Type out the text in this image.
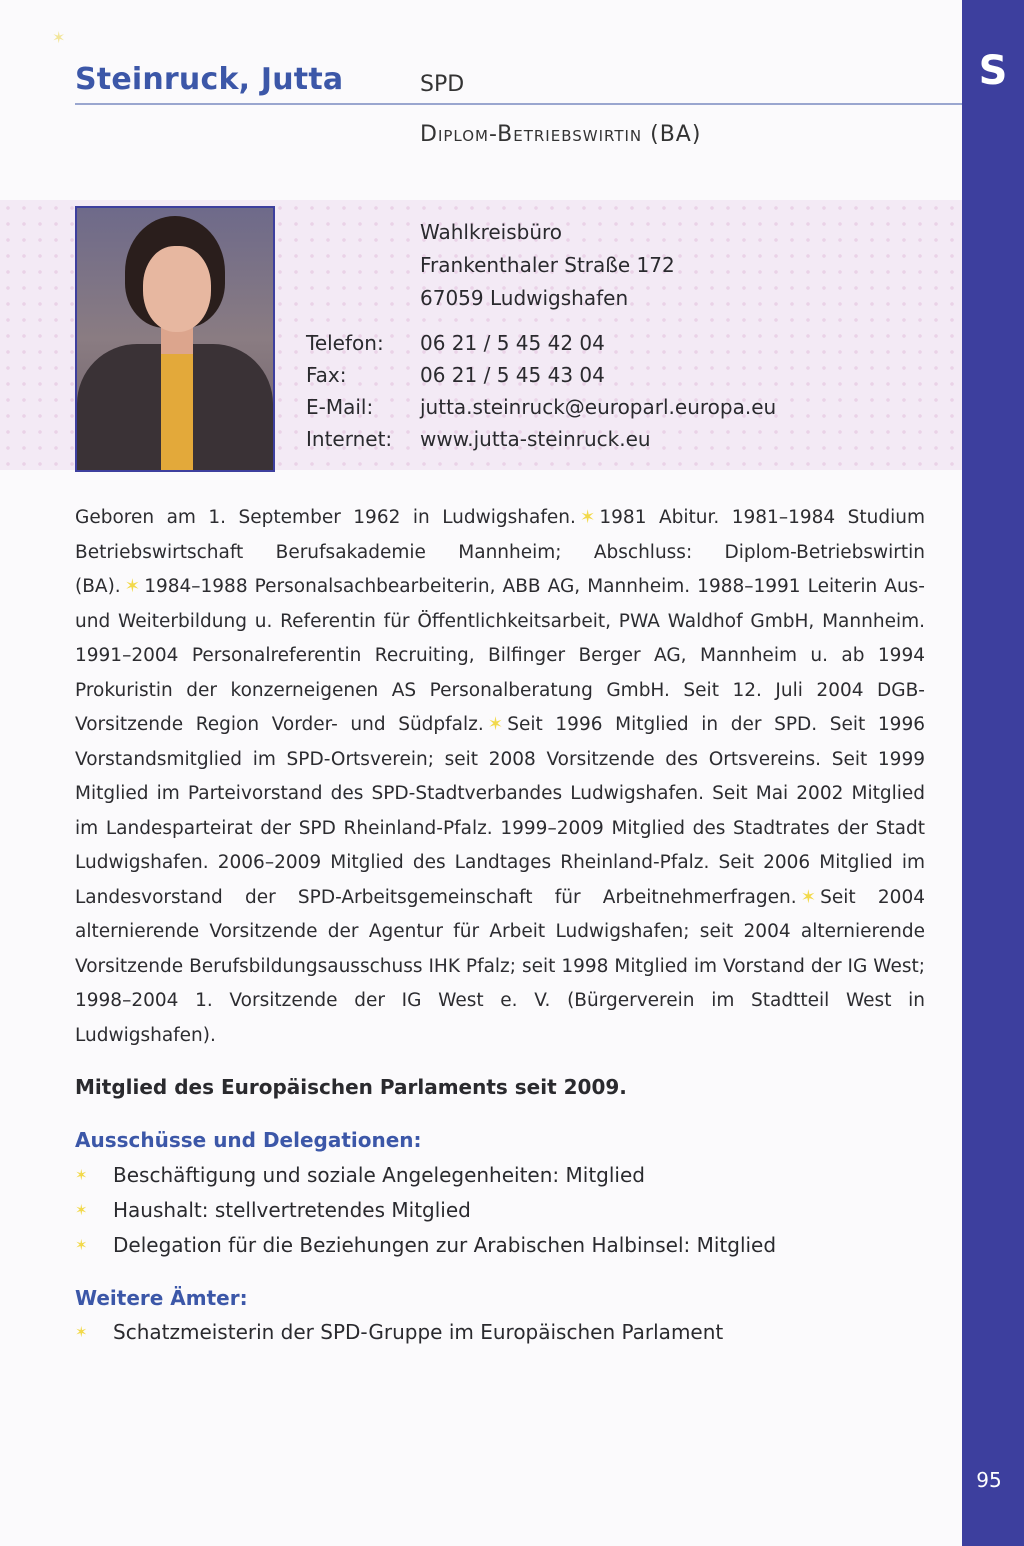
S
95
✶
Steinruck, Jutta	SPD
Diplom-Betriebswirtin (BA)
Wahlkreisbüro
Frankenthaler Straße 172
67059 Ludwigshafen
Telefon:	06 21 / 5 45 42 04
Fax:	06 21 / 5 45 43 04
E-Mail:	jutta.steinruck@europarl.europa.eu
Internet:	www.jutta-steinruck.eu
Geboren am 1. September 1962 in Ludwigshafen. ✶ 1981 Abitur. 1981–1984 Studium Betriebswirtschaft Berufsakademie Mannheim; Abschluss: Diplom-Betriebswirtin (BA). ✶ 1984–1988 Personalsachbearbeiterin, ABB AG, Mannheim. 1988–1991 Leiterin Aus- und Weiterbildung u. Referentin für Öffentlichkeitsarbeit, PWA Waldhof GmbH, Mannheim. 1991–2004 Personalreferentin Recruiting, Bilfinger Berger AG, Mannheim u. ab 1994 Prokuristin der konzerneigenen AS Personalberatung GmbH. Seit 12. Juli 2004 DGB-Vorsitzende Region Vorder- und Südpfalz. ✶ Seit 1996 Mitglied in der SPD. Seit 1996 Vorstandsmitglied im SPD-Ortsverein; seit 2008 Vorsitzende des Ortsvereins. Seit 1999 Mitglied im Parteivorstand des SPD-Stadtverbandes Ludwigshafen. Seit Mai 2002 Mitglied im Landesparteirat der SPD Rheinland-Pfalz. 1999–2009 Mitglied des Stadtrates der Stadt Ludwigshafen. 2006–2009 Mitglied des Landtages Rheinland-Pfalz. Seit 2006 Mitglied im Landesvorstand der SPD-Arbeitsgemeinschaft für Arbeitnehmerfragen. ✶ Seit 2004 alternierende Vorsitzende der Agentur für Arbeit Ludwigshafen; seit 2004 alternierende Vorsitzende Berufsbildungsausschuss IHK Pfalz; seit 1998 Mitglied im Vorstand der IG West; 1998–2004 1. Vorsitzende der IG West e. V. (Bürgerverein im Stadtteil West in Ludwigshafen).
Mitglied des Europäischen Parlaments seit 2009.
Ausschüsse und Delegationen:
✶	Beschäftigung und soziale Angelegenheiten: Mitglied
✶	Haushalt: stellvertretendes Mitglied
✶	Delegation für die Beziehungen zur Arabischen Halbinsel: Mitglied
Weitere Ämter:
✶	Schatzmeisterin der SPD-Gruppe im Europäischen Parlament
